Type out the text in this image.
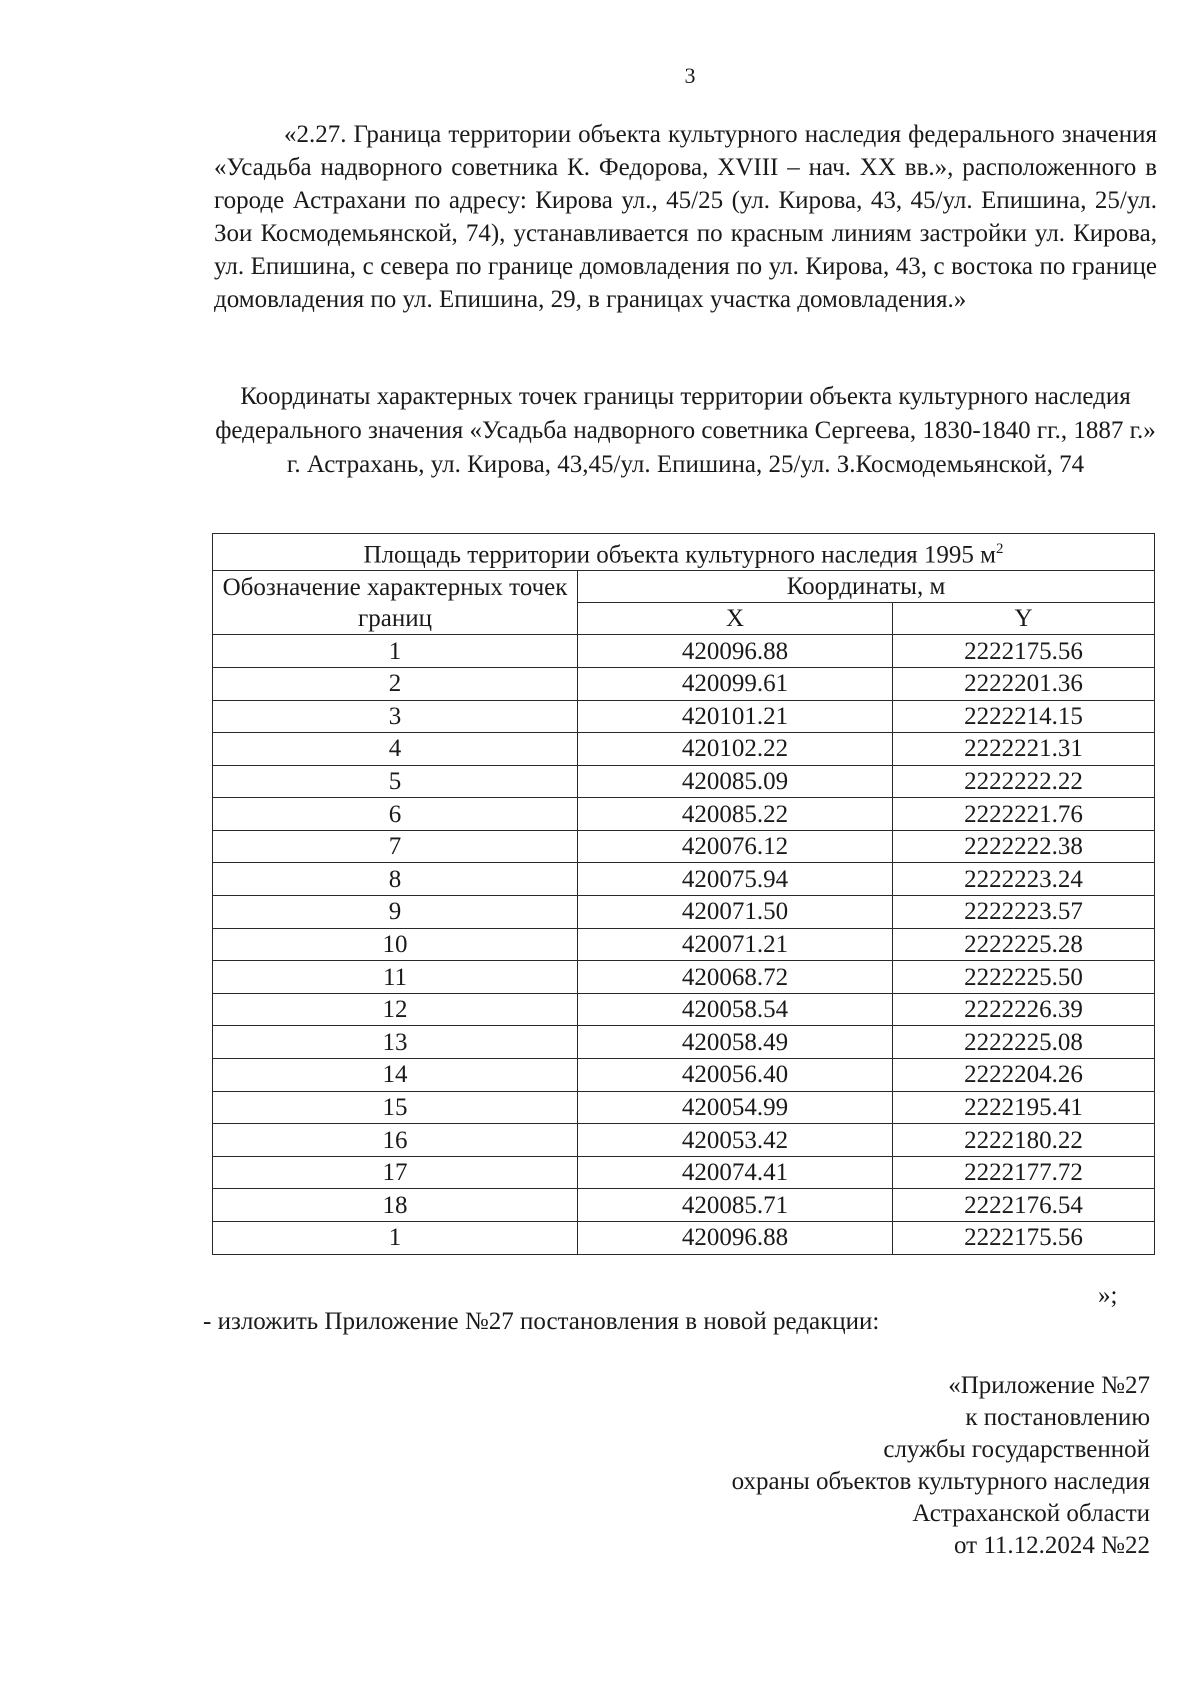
3

«2.27. Граница территории объекта культурного наследия федерального значения «Усадьба надворного советника К. Федорова, XVIII – нач. XX вв.», расположенного в городе Астрахани по адресу: Кирова ул., 45/25 (ул. Кирова, 43, 45/ул. Епишина, 25/ул. Зои Космодемьянской, 74), устанавливается по красным линиям застройки ул. Кирова, ул. Епишина, с севера по границе домовладения по ул. Кирова, 43, с востока по границе домовладения по ул. Епишина, 29, в границах участка домовладения.»

Координаты характерных точек границы территории объекта культурного наследия федерального значения «Усадьба надворного советника Сергеева, 1830-1840 гг., 1887 г.» г. Астрахань, ул. Кирова, 43,45/ул. Епишина, 25/ул. З.Космодемьянской, 74

Площадь территории объекта культурного наследия 1995 $м^2$
Обозначение характерных точек границ	Координаты, м	
	X	Y
1	420096.88	2222175.56
2	420099.61	2222201.36
3	420101.21	2222214.15
4	420102.22	2222221.31
5	420085.09	2222222.22
6	420085.22	2222221.76
7	420076.12	2222222.38
8	420075.94	2222223.24
9	420071.50	2222223.57
10	420071.21	2222225.28
11	420068.72	2222225.50
12	420058.54	2222226.39
13	420058.49	2222225.08
14	420056.40	2222204.26
15	420054.99	2222195.41
16	420053.42	2222180.22
17	420074.41	2222177.72
18	420085.71	2222176.54
1	420096.88	2222175.56
»;
- изложить Приложение №27 постановления в новой редакции:
«Приложение №27
к постановлению
службы государственной
охраны объектов культурного наследия
Астраханской области
от 11.12.2024 №22
